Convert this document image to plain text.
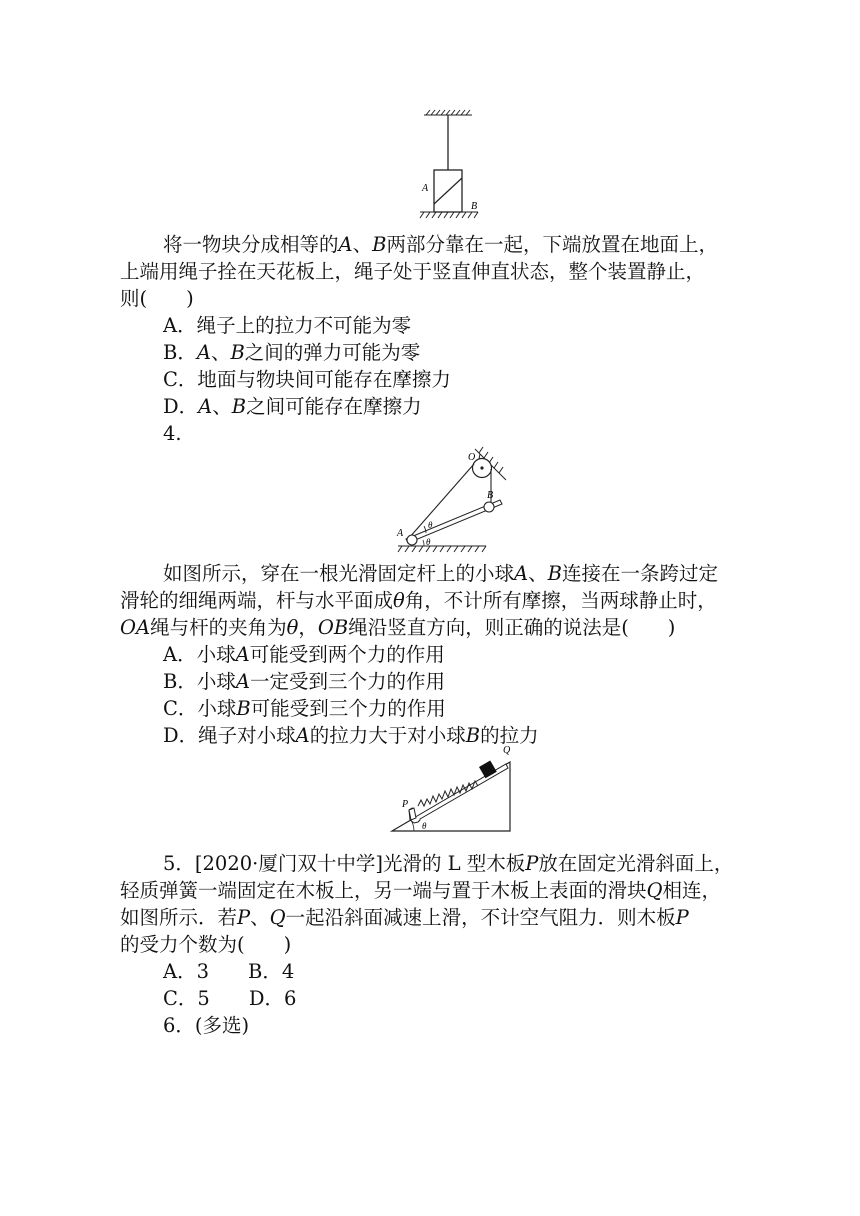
A
B
将一物块分成相等的A、B两部分靠在一起，下端放置在地面上，
上端用绳子拴在天花板上，绳子处于竖直伸直状态，整个装置静止，
则(　　)
A．绳子上的拉力不可能为零
B．A、B之间的弹力可能为零
C．地面与物块间可能存在摩擦力
D．A、B之间可能存在摩擦力
4.
O
B
A
θ
θ
如图所示，穿在一根光滑固定杆上的小球A、B连接在一条跨过定
滑轮的细绳两端，杆与水平面成θ角，不计所有摩擦，当两球静止时，
OA绳与杆的夹角为θ，OB绳沿竖直方向，则正确的说法是(　　)
A．小球A可能受到两个力的作用
B．小球A一定受到三个力的作用
C．小球B可能受到三个力的作用
D．绳子对小球A的拉力大于对小球B的拉力
Q
P
θ
5．[2020·厦门双十中学]光滑的 L 型木板P放在固定光滑斜面上，
轻质弹簧一端固定在木板上，另一端与置于木板上表面的滑块Q相连，
如图所示．若P、Q一起沿斜面减速上滑，不计空气阻力．则木板P
的受力个数为(　　)
A．3　　B．4
C．5　　D．6
6．(多选)
